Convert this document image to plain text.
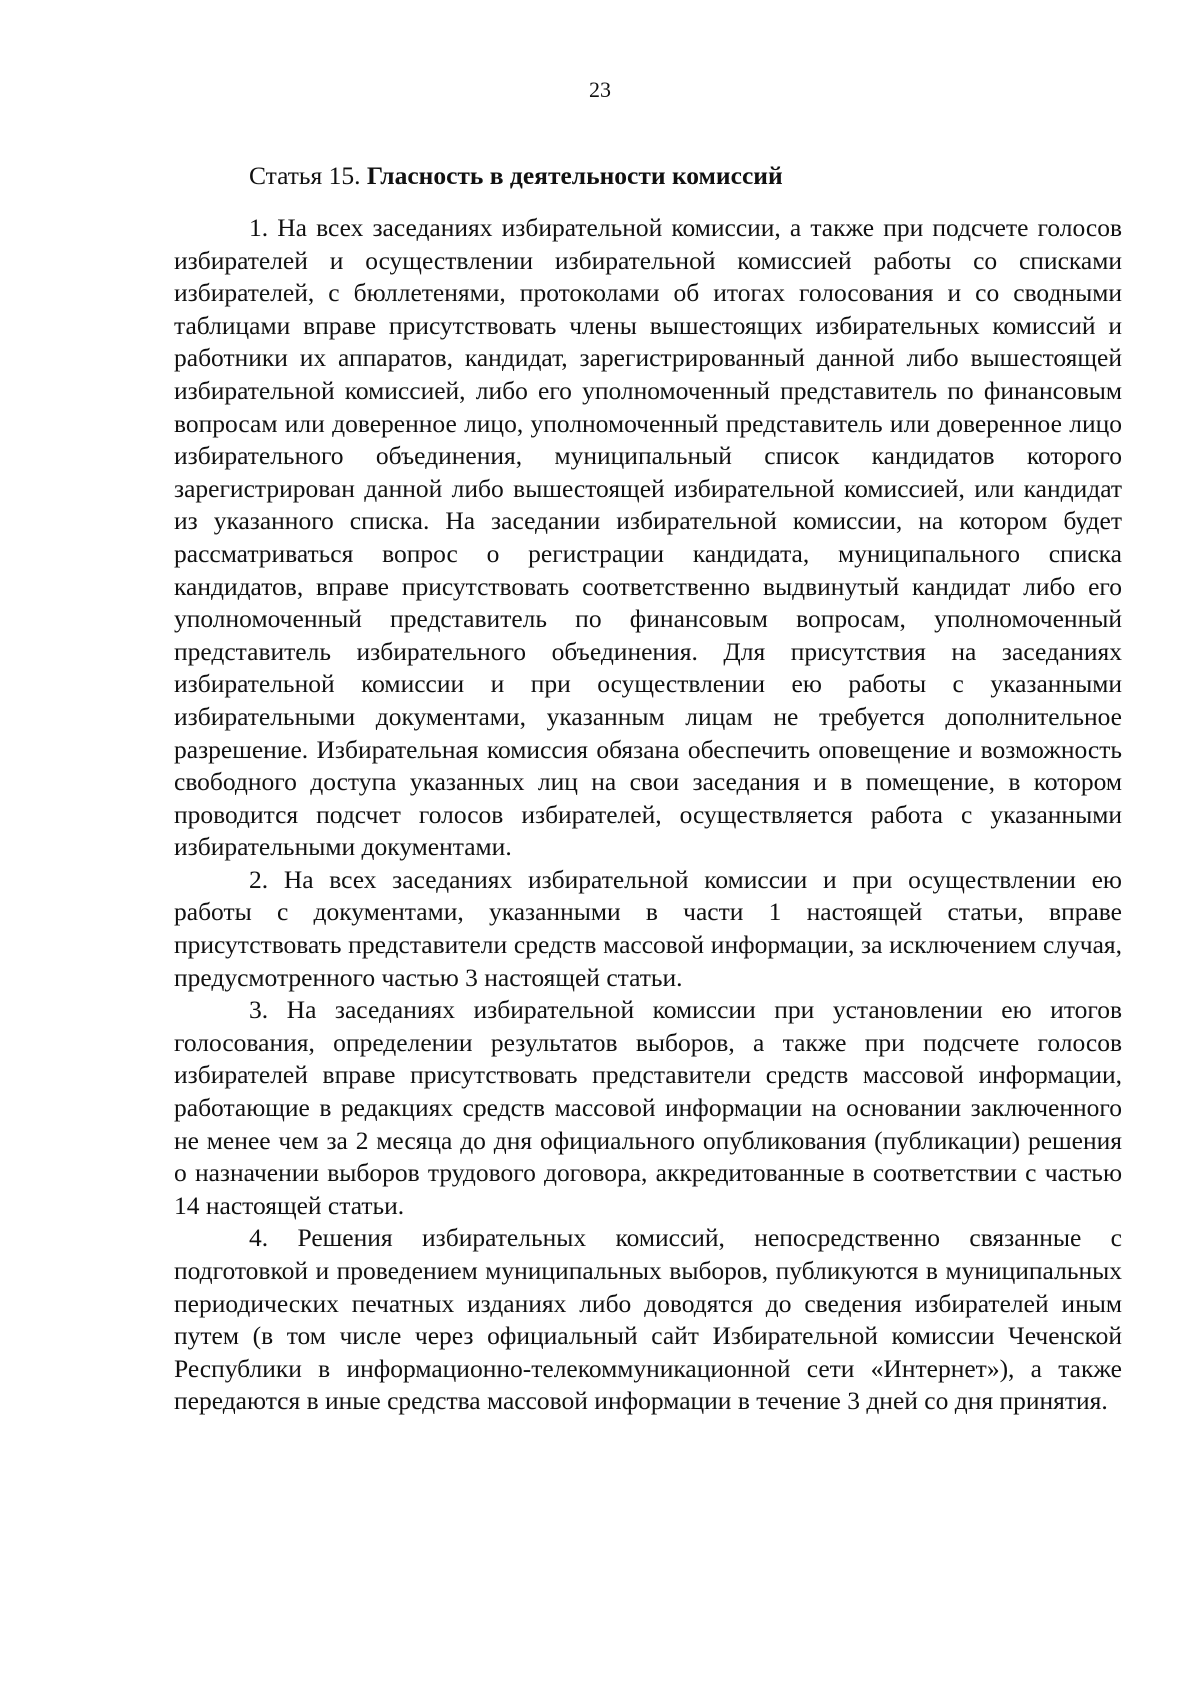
23
Статья 15. Гласность в деятельности комиссий

1. На всех заседаниях избирательной комиссии, а также при подсчете голосов избирателей и осуществлении избирательной комиссией работы со списками избирателей, с бюллетенями, протоколами об итогах голосования и со сводными таблицами вправе присутствовать члены вышестоящих избирательных комиссий и работники их аппаратов, кандидат, зарегистрированный данной либо вышестоящей избирательной комиссией, либо его уполномоченный представитель по финансовым вопросам или доверенное лицо, уполномоченный представитель или доверенное лицо избирательного объединения, муниципальный список кандидатов которого зарегистрирован данной либо вышестоящей избирательной комиссией, или кандидат из указанного списка. На заседании избирательной комиссии, на котором будет рассматриваться вопрос о регистрации кандидата, муниципального списка кандидатов, вправе присутствовать соответственно выдвинутый кандидат либо его уполномоченный представитель по финансовым вопросам, уполномоченный представитель избирательного объединения. Для присутствия на заседаниях избирательной комиссии и при осуществлении ею работы с указанными избирательными документами, указанным лицам не требуется дополнительное разрешение. Избирательная комиссия обязана обеспечить оповещение и возможность свободного доступа указанных лиц на свои заседания и в помещение, в котором проводится подсчет голосов избирателей, осуществляется работа с указанными избирательными документами.

2. На всех заседаниях избирательной комиссии и при осуществлении ею работы с документами, указанными в части 1 настоящей статьи, вправе присутствовать представители средств массовой информации, за исключением случая, предусмотренного частью 3 настоящей статьи.

3. На заседаниях избирательной комиссии при установлении ею итогов голосования, определении результатов выборов, а также при подсчете голосов избирателей вправе присутствовать представители средств массовой информации, работающие в редакциях средств массовой информации на основании заключенного не менее чем за 2 месяца до дня официального опубликования (публикации) решения о назначении выборов трудового договора, аккредитованные в соответствии с частью 14 настоящей статьи.

4. Решения избирательных комиссий, непосредственно связанные с подготовкой и проведением муниципальных выборов, публикуются в муниципальных периодических печатных изданиях либо доводятся до сведения избирателей иным путем (в том числе через официальный сайт Избирательной комиссии Чеченской Республики в информационно-телекоммуникационной сети «Интернет»), а также передаются в иные средства массовой информации в течение 3 дней со дня принятия.
